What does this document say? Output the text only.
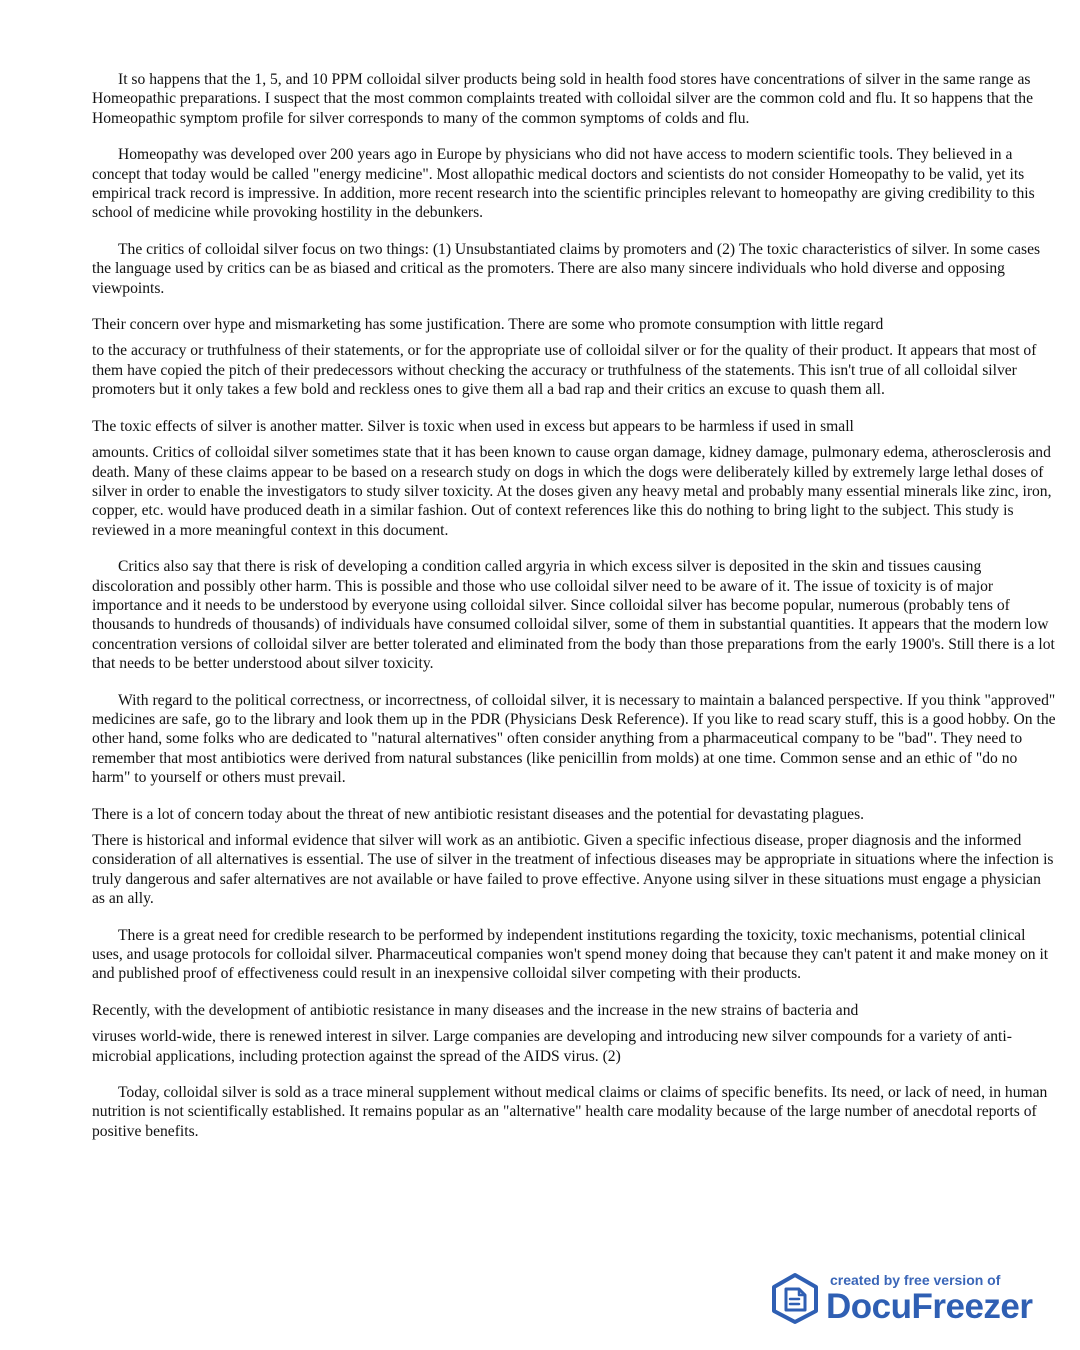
It so happens that the 1, 5, and 10 PPM colloidal silver products being sold in health food stores have concentrations of silver in the same range as Homeopathic preparations. I suspect that the most common complaints treated with colloidal silver are the common cold and flu. It so happens that the Homeopathic symptom profile for silver corresponds to many of the common symptoms of colds and flu.

Homeopathy was developed over 200 years ago in Europe by physicians who did not have access to modern scientific tools. They believed in a concept that today would be called "energy medicine". Most allopathic medical doctors and scientists do not consider Homeopathy to be valid, yet its empirical track record is impressive. In addition, more recent research into the scientific principles relevant to homeopathy are giving credibility to this school of medicine while provoking hostility in the debunkers.

The critics of colloidal silver focus on two things: (1) Unsubstantiated claims by promoters and (2) The toxic characteristics of silver. In some cases the language used by critics can be as biased and critical as the promoters. There are also many sincere individuals who hold diverse and opposing viewpoints.

Their concern over hype and mismarketing has some justification. There are some who promote consumption with little regard

to the accuracy or truthfulness of their statements, or for the appropriate use of colloidal silver or for the quality of their product. It appears that most of them have copied the pitch of their predecessors without checking the accuracy or truthfulness of the statements. This isn't true of all colloidal silver promoters but it only takes a few bold and reckless ones to give them all a bad rap and their critics an excuse to quash them all.

The toxic effects of silver is another matter. Silver is toxic when used in excess but appears to be harmless if used in small

amounts. Critics of colloidal silver sometimes state that it has been known to cause organ damage, kidney damage, pulmonary edema, atherosclerosis and death. Many of these claims appear to be based on a research study on dogs in which the dogs were deliberately killed by extremely large lethal doses of silver in order to enable the investigators to study silver toxicity. At the doses given any heavy metal and probably many essential minerals like zinc, iron, copper, etc. would have produced death in a similar fashion. Out of context references like this do nothing to bring light to the subject. This study is reviewed in a more meaningful context in this document.

Critics also say that there is risk of developing a condition called argyria in which excess silver is deposited in the skin and tissues causing discoloration and possibly other harm. This is possible and those who use colloidal silver need to be aware of it. The issue of toxicity is of major importance and it needs to be understood by everyone using colloidal silver. Since colloidal silver has become popular, numerous (probably tens of thousands to hundreds of thousands) of individuals have consumed colloidal silver, some of them in substantial quantities. It appears that the modern low concentration versions of colloidal silver are better tolerated and eliminated from the body than those preparations from the early 1900's. Still there is a lot that needs to be better understood about silver toxicity.

With regard to the political correctness, or incorrectness, of colloidal silver, it is necessary to maintain a balanced perspective. If you think "approved" medicines are safe, go to the library and look them up in the PDR (Physicians Desk Reference). If you like to read scary stuff, this is a good hobby. On the other hand, some folks who are dedicated to "natural alternatives" often consider anything from a pharmaceutical company to be "bad". They need to remember that most antibiotics were derived from natural substances (like penicillin from molds) at one time. Common sense and an ethic of "do no harm" to yourself or others must prevail.

There is a lot of concern today about the threat of new antibiotic resistant diseases and the potential for devastating plagues.

There is historical and informal evidence that silver will work as an antibiotic. Given a specific infectious disease, proper diagnosis and the informed consideration of all alternatives is essential. The use of silver in the treatment of infectious diseases may be appropriate in situations where the infection is truly dangerous and safer alternatives are not available or have failed to prove effective. Anyone using silver in these situations must engage a physician as an ally.

There is a great need for credible research to be performed by independent institutions regarding the toxicity, toxic mechanisms, potential clinical uses, and usage protocols for colloidal silver. Pharmaceutical companies won't spend money doing that because they can't patent it and make money on it and published proof of effectiveness could result in an inexpensive colloidal silver competing with their products.

Recently, with the development of antibiotic resistance in many diseases and the increase in the new strains of bacteria and

viruses world-wide, there is renewed interest in silver. Large companies are developing and introducing new silver compounds for a variety of anti-microbial applications, including protection against the spread of the AIDS virus. (2)

Today, colloidal silver is sold as a trace mineral supplement without medical claims or claims of specific benefits. Its need, or lack of need, in human nutrition is not scientifically established. It remains popular as an "alternative" health care modality because of the large number of anecdotal reports of positive benefits.

created by free version of
DocuFreezer
